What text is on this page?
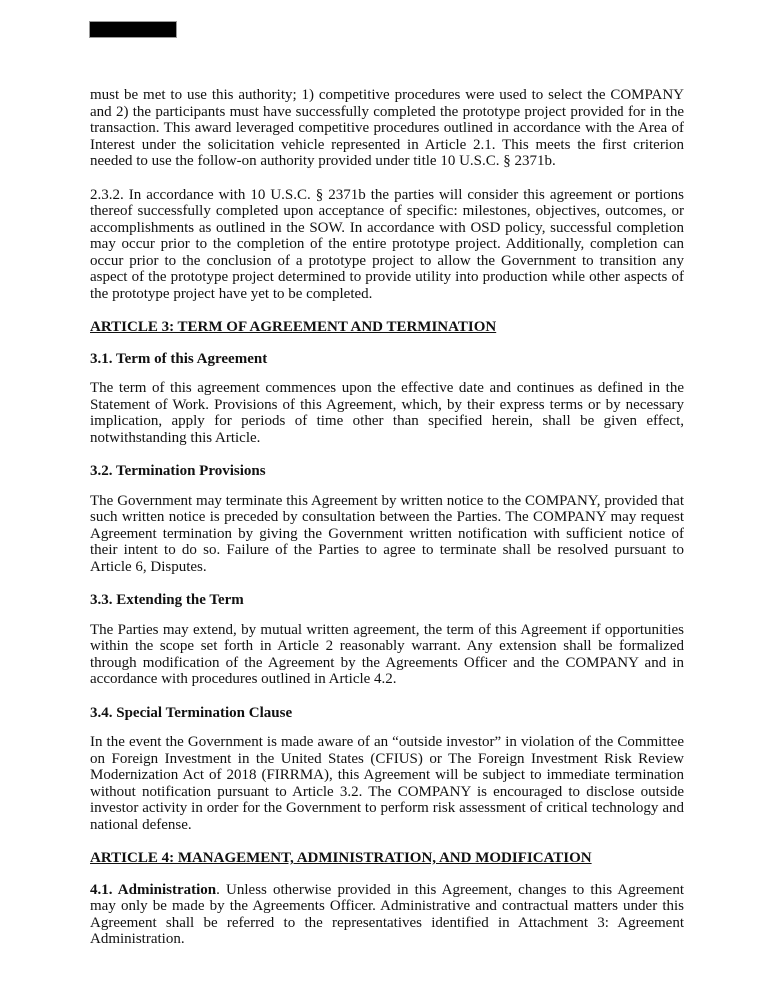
must be met to use this authority; 1) competitive procedures were used to select the COMPANY and 2) the participants must have successfully completed the prototype project provided for in the transaction. This award leveraged competitive procedures outlined in accordance with the Area of Interest under the solicitation vehicle represented in Article 2.1. This meets the first criterion needed to use the follow-on authority provided under title 10 U.S.C. § 2371b.

2.3.2. In accordance with 10 U.S.C. § 2371b the parties will consider this agreement or portions thereof successfully completed upon acceptance of specific: milestones, objectives, outcomes, or accomplishments as outlined in the SOW. In accordance with OSD policy, successful completion may occur prior to the completion of the entire prototype project. Additionally, completion can occur prior to the conclusion of a prototype project to allow the Government to transition any aspect of the prototype project determined to provide utility into production while other aspects of the prototype project have yet to be completed.

ARTICLE 3: TERM OF AGREEMENT AND TERMINATION
3.1. Term of this Agreement

The term of this agreement commences upon the effective date and continues as defined in the Statement of Work. Provisions of this Agreement, which, by their express terms or by necessary implication, apply for periods of time other than specified herein, shall be given effect, notwithstanding this Article.

3.2. Termination Provisions

The Government may terminate this Agreement by written notice to the COMPANY, provided that such written notice is preceded by consultation between the Parties. The COMPANY may request Agreement termination by giving the Government written notification with sufficient notice of their intent to do so. Failure of the Parties to agree to terminate shall be resolved pursuant to Article 6, Disputes.

3.3. Extending the Term

The Parties may extend, by mutual written agreement, the term of this Agreement if opportunities within the scope set forth in Article 2 reasonably warrant. Any extension shall be formalized through modification of the Agreement by the Agreements Officer and the COMPANY and in accordance with procedures outlined in Article 4.2.

3.4. Special Termination Clause

In the event the Government is made aware of an “outside investor” in violation of the Committee on Foreign Investment in the United States (CFIUS) or The Foreign Investment Risk Review Modernization Act of 2018 (FIRRMA), this Agreement will be subject to immediate termination without notification pursuant to Article 3.2. The COMPANY is encouraged to disclose outside investor activity in order for the Government to perform risk assessment of critical technology and national defense.

ARTICLE 4: MANAGEMENT, ADMINISTRATION, AND MODIFICATION

4.1. Administration. Unless otherwise provided in this Agreement, changes to this Agreement may only be made by the Agreements Officer. Administrative and contractual matters under this Agreement shall be referred to the representatives identified in Attachment 3: Agreement Administration.
